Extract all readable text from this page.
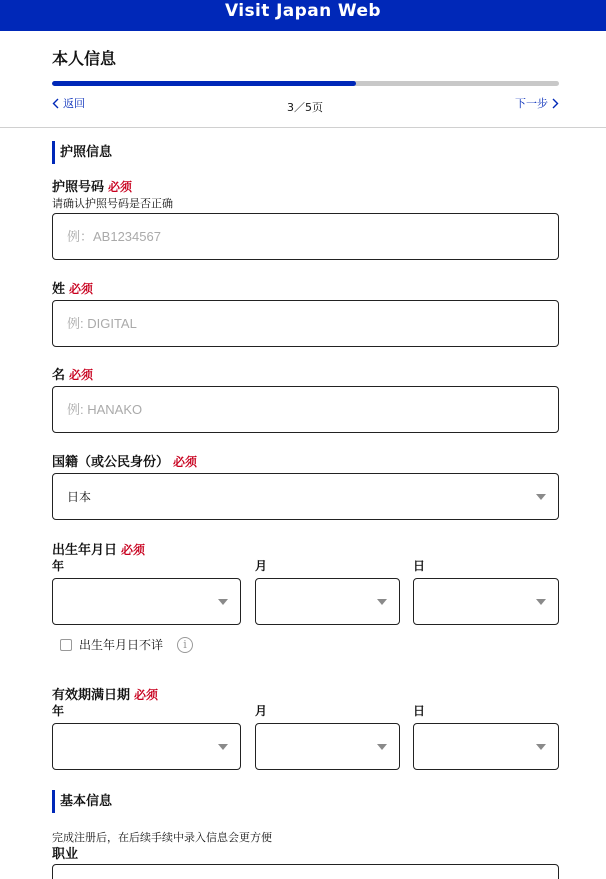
Visit Japan Web
本人信息
返回	3／5页	下一步
护照信息
护照号码 必须
请确认护照号码是否正确
例：AB1234567
姓 必须
例: DIGITAL
名 必须
例: HANAKO
国籍（或公民身份） 必须
日本
出生年月日 必须
年	月	日
出生年月日不详	i
有效期满日期 必须
年	月	日
基本信息
完成注册后，在后续手续中录入信息会更方便
职业
